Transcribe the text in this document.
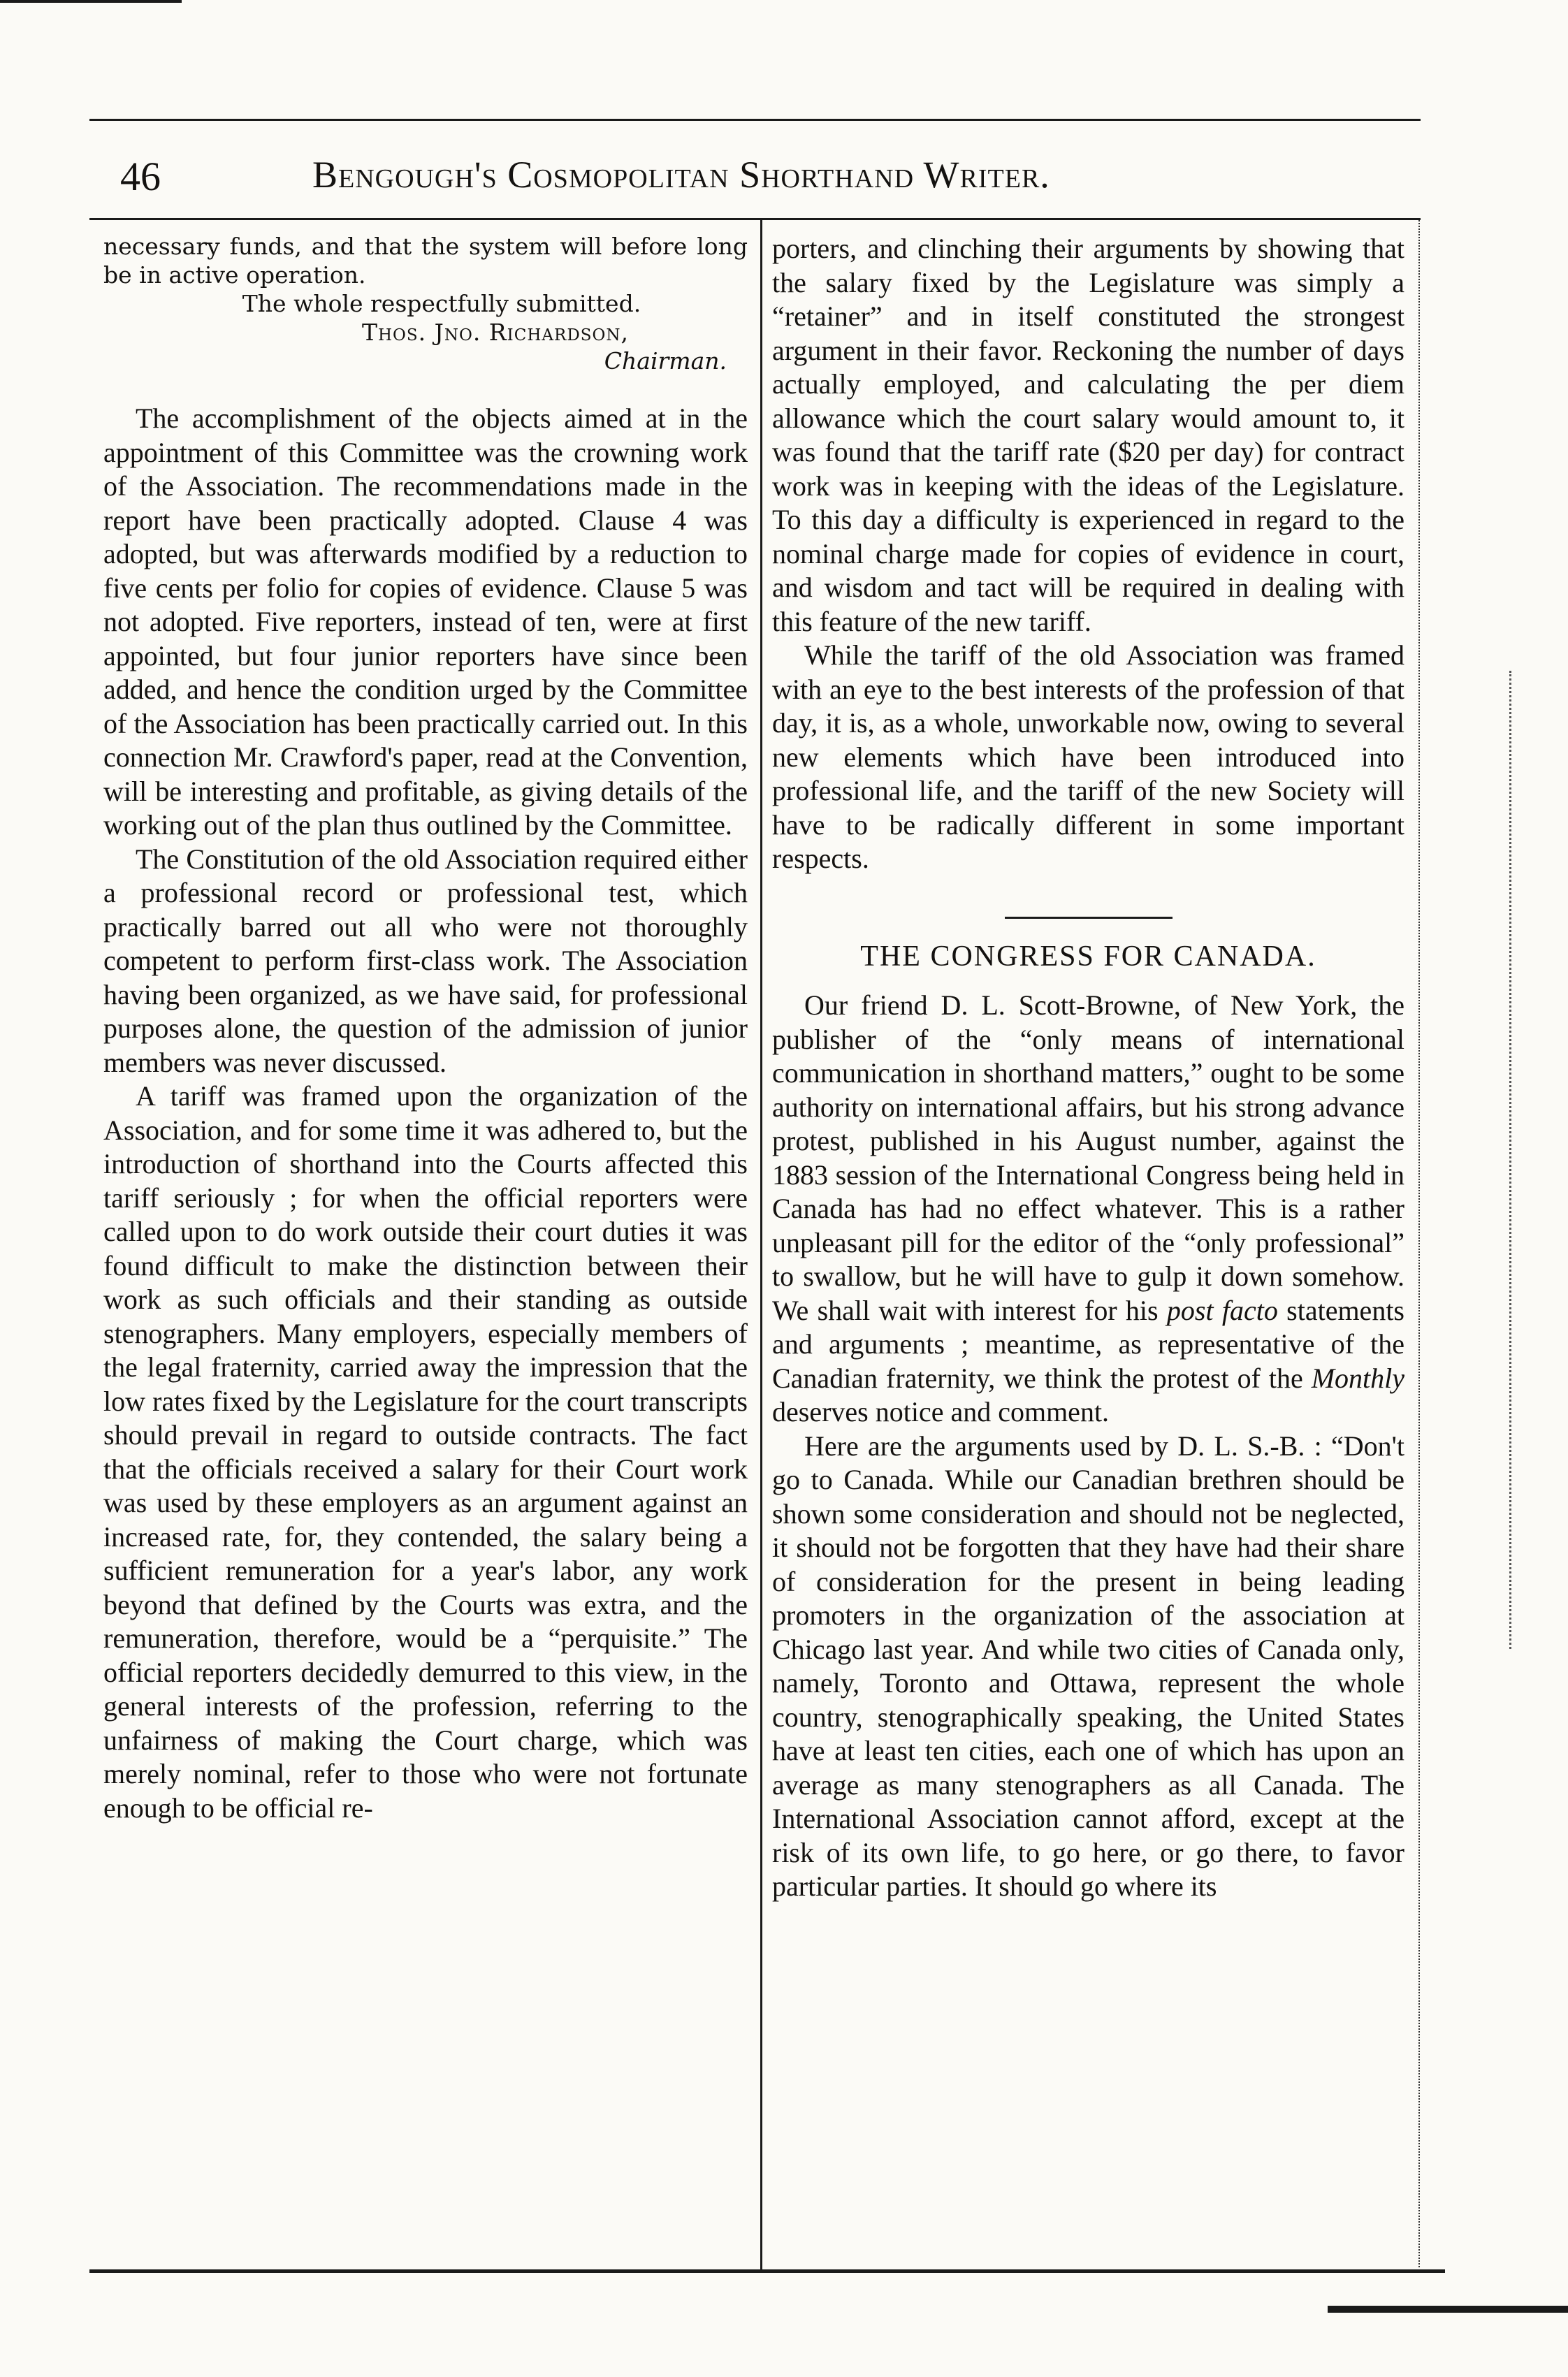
46	Bengough's Cosmopolitan Shorthand Writer.

necessary funds, and that the system will before long be in active operation.

The whole respectfully submitted.

Thos. Jno. Richardson,
Chairman.

The accomplishment of the objects aimed at in the appointment of this Committee was the crowning work of the Association. The recommendations made in the report have been practically adopted. Clause 4 was adopted, but was afterwards modified by a reduction to five cents per folio for copies of evidence. Clause 5 was not adopted. Five reporters, instead of ten, were at first appointed, but four junior reporters have since been added, and hence the condition urged by the Committee of the Association has been practically carried out. In this connection Mr. Crawford's paper, read at the Convention, will be interesting and profitable, as giving details of the working out of the plan thus outlined by the Committee.

The Constitution of the old Association required either a professional record or professional test, which practically barred out all who were not thoroughly competent to perform first-class work. The Association having been organized, as we have said, for professional purposes alone, the question of the admission of junior members was never discussed.

A tariff was framed upon the organization of the Association, and for some time it was adhered to, but the introduction of shorthand into the Courts affected this tariff seriously ; for when the official reporters were called upon to do work outside their court duties it was found difficult to make the distinction between their work as such officials and their standing as outside stenographers. Many employers, especially members of the legal fraternity, carried away the impression that the low rates fixed by the Legislature for the court transcripts should prevail in regard to outside contracts. The fact that the officials received a salary for their Court work was used by these employers as an argument against an increased rate, for, they contended, the salary being a sufficient remuneration for a year's labor, any work beyond that defined by the Courts was extra, and the remuneration, therefore, would be a “perquisite.” The official reporters decidedly demurred to this view, in the general interests of the profession, referring to the unfairness of making the Court charge, which was merely nominal, refer to those who were not fortunate enough to be official re-

porters, and clinching their arguments by showing that the salary fixed by the Legislature was simply a “retainer” and in itself constituted the strongest argument in their favor. Reckoning the number of days actually employed, and calculating the per diem allowance which the court salary would amount to, it was found that the tariff rate ($20 per day) for contract work was in keeping with the ideas of the Legislature. To this day a difficulty is experienced in regard to the nominal charge made for copies of evidence in court, and wisdom and tact will be required in dealing with this feature of the new tariff.

While the tariff of the old Association was framed with an eye to the best interests of the profession of that day, it is, as a whole, unworkable now, owing to several new elements which have been introduced into professional life, and the tariff of the new Society will have to be radically different in some important respects.

THE CONGRESS FOR CANADA.

Our friend D. L. Scott-Browne, of New York, the publisher of the “only means of international communication in shorthand matters,” ought to be some authority on international affairs, but his strong advance protest, published in his August number, against the 1883 session of the International Congress being held in Canada has had no effect whatever. This is a rather unpleasant pill for the editor of the “only professional” to swallow, but he will have to gulp it down somehow. We shall wait with interest for his post facto statements and arguments ; meantime, as representative of the Canadian fraternity, we think the protest of the Monthly deserves notice and comment.

Here are the arguments used by D. L. S.-B. : “Don't go to Canada. While our Canadian brethren should be shown some consideration and should not be neglected, it should not be forgotten that they have had their share of consideration for the present in being leading promoters in the organization of the association at Chicago last year. And while two cities of Canada only, namely, Toronto and Ottawa, represent the whole country, stenographically speaking, the United States have at least ten cities, each one of which has upon an average as many stenographers as all Canada. The International Association cannot afford, except at the risk of its own life, to go here, or go there, to favor particular parties. It should go where its
